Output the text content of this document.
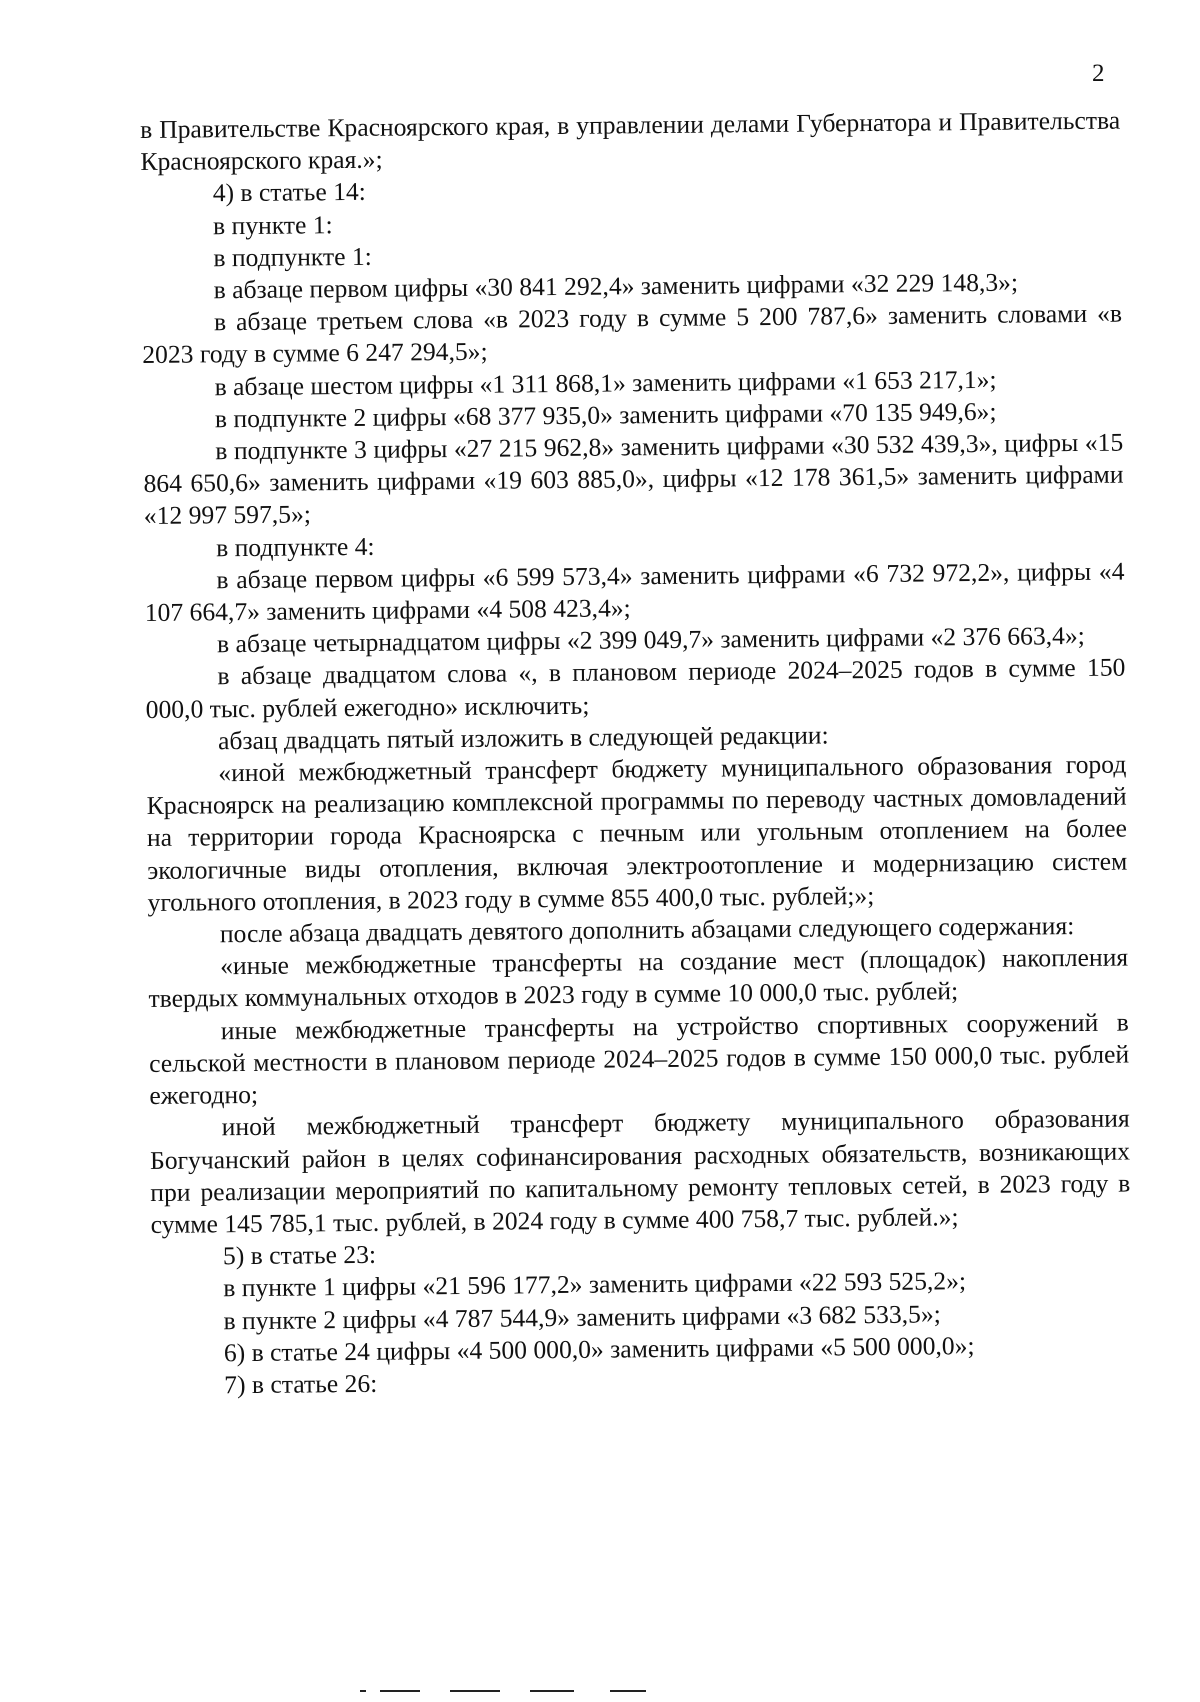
2

в Правительстве Красноярского края, в управлении делами Губернатора и Правительства Красноярского края.»;

4) в статье 14:

в пункте 1:

в подпункте 1:

в абзаце первом цифры «30 841 292,4» заменить цифрами «32 229 148,3»;

в абзаце третьем слова «в 2023 году в сумме 5 200 787,6» заменить словами «в 2023 году в сумме 6 247 294,5»;

в абзаце шестом цифры «1 311 868,1» заменить цифрами «1 653 217,1»;

в подпункте 2 цифры «68 377 935,0» заменить цифрами «70 135 949,6»;

в подпункте 3 цифры «27 215 962,8» заменить цифрами «30 532 439,3», цифры «15 864 650,6» заменить цифрами «19 603 885,0», цифры «12 178 361,5» заменить цифрами «12 997 597,5»;

в подпункте 4:

в абзаце первом цифры «6 599 573,4» заменить цифрами «6 732 972,2», цифры «4 107 664,7» заменить цифрами «4 508 423,4»;

в абзаце четырнадцатом цифры «2 399 049,7» заменить цифрами «2 376 663,4»;

в абзаце двадцатом слова «, в плановом периоде 2024–2025 годов в сумме 150 000,0 тыс. рублей ежегодно» исключить;

абзац двадцать пятый изложить в следующей редакции:

«иной межбюджетный трансферт бюджету муниципального образования город Красноярск на реализацию комплексной программы по переводу частных домовладений на территории города Красноярска с печным или угольным отоплением на более экологичные виды отопления, включая электроотопление и модернизацию систем угольного отопления, в 2023 году в сумме 855 400,0 тыс. рублей;»;

после абзаца двадцать девятого дополнить абзацами следующего содержания:

«иные межбюджетные трансферты на создание мест (площадок) накопления твердых коммунальных отходов в 2023 году в сумме 10 000,0 тыс. рублей;

иные межбюджетные трансферты на устройство спортивных сооружений в сельской местности в плановом периоде 2024–2025 годов в сумме 150 000,0 тыс. рублей ежегодно;

иной межбюджетный трансферт бюджету муниципального образования Богучанский район в целях софинансирования расходных обязательств, возникающих при реализации мероприятий по капитальному ремонту тепловых сетей, в 2023 году в сумме 145 785,1 тыс. рублей, в 2024 году в сумме 400 758,7 тыс. рублей.»;

5) в статье 23:

в пункте 1 цифры «21 596 177,2» заменить цифрами «22 593 525,2»;

в пункте 2 цифры «4 787 544,9» заменить цифрами «3 682 533,5»;

6) в статье 24 цифры «4 500 000,0» заменить цифрами «5 500 000,0»;

7) в статье 26:
